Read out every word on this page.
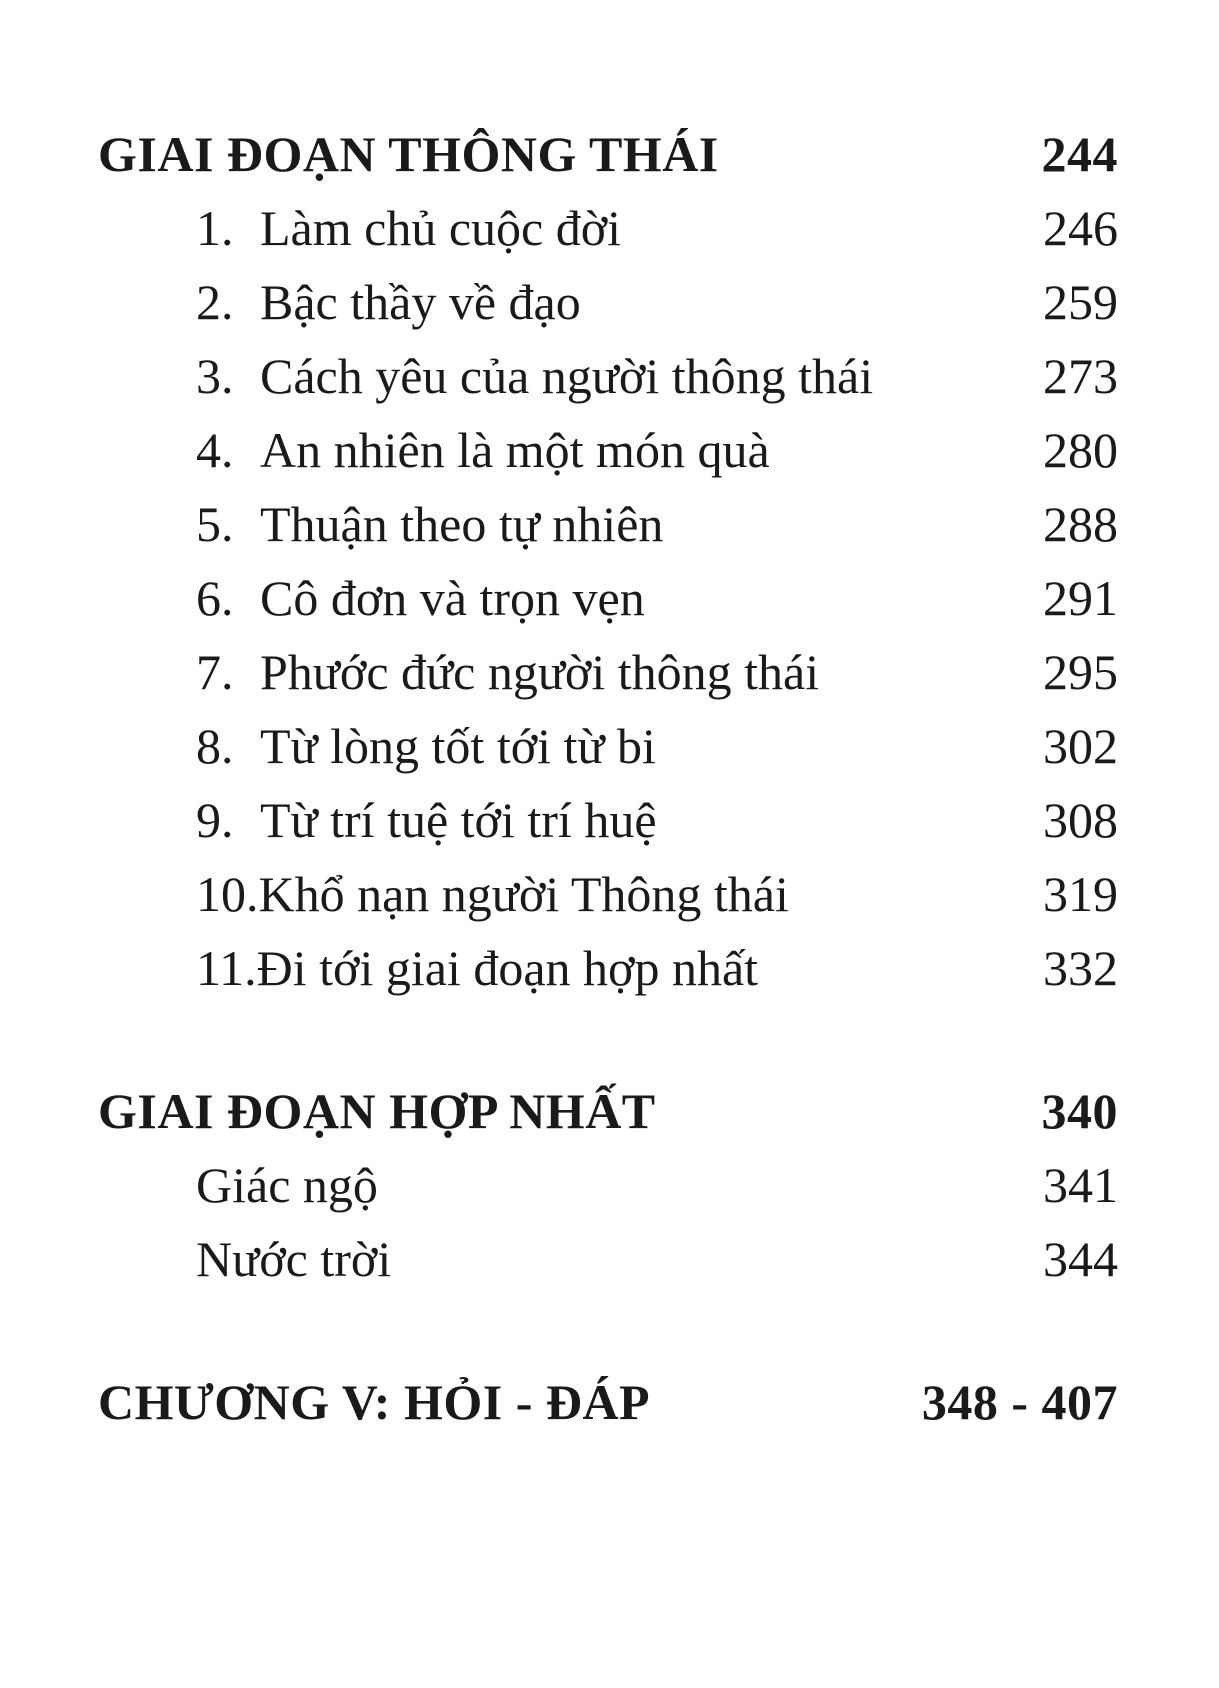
GIAI ĐOẠN THÔNG THÁI	244
1. Làm chủ cuộc đời	246
2. Bậc thầy về đạo	259
3. Cách yêu của người thông thái	273
4. An nhiên là một món quà	280
5. Thuận theo tự nhiên	288
6. Cô đơn và trọn vẹn	291
7. Phước đức người thông thái	295
8. Từ lòng tốt tới từ bi	302
9. Từ trí tuệ tới trí huệ	308
10. Khổ nạn người Thông thái	319
11. Đi tới giai đoạn hợp nhất	332
GIAI ĐOẠN HỢP NHẤT	340
Giác ngộ	341
Nước trời	344
CHƯƠNG V: HỎI - ĐÁP	348 - 407
